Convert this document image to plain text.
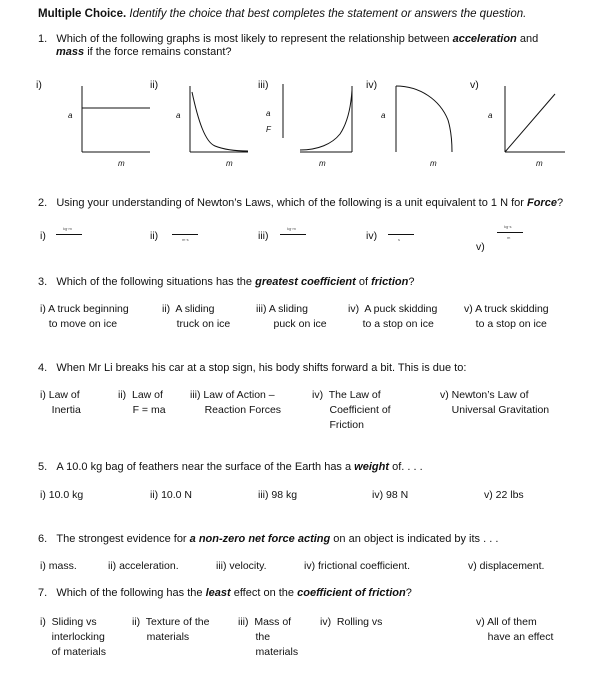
Multiple Choice. Identify the choice that best completes the statement or answers the question.
1. Which of the following graphs is most likely to represent the relationship between acceleration and
mass if the force remains constant?
i)	ii)	iii)	iv)	v)
a
m
a
m
a
F
m
a
m
a
m
2. Using your understanding of Newton’s Laws, which of the following is a unit equivalent to 1 N for Force?
i)
kg·m
ii)	m·s	iii)
kg·m
iv)	s
v)
kg·s
m
3. Which of the following situations has the greatest coefficient of friction?
i) A truck beginning
to move on ice
ii)  A sliding
truck on ice
iii) A sliding
puck on ice
iv)  A puck skidding
to a stop on ice
v) A truck skidding
to a stop on ice
4. When Mr Li breaks his car at a stop sign, his body shifts forward a bit. This is due to:
i) Law of
Inertia
ii)  Law of
F = ma
iii) Law of Action –
Reaction Forces
iv)  The Law of
Coefficient of
Friction
v) Newton’s Law of
Universal Gravitation
5. A 10.0 kg bag of feathers near the surface of the Earth has a weight of. . . .
i) 10.0 kg	ii) 10.0 N	iii) 98 kg	iv) 98 N	v) 22 lbs
6. The strongest evidence for a non-zero net force acting on an object is indicated by its . . .
i) mass.	ii) acceleration.	iii) velocity.	iv) frictional coefficient.	v) displacement.
7. Which of the following has the least effect on the coefficient of friction?
i)  Sliding vs
interlocking
of materials
ii)  Texture of the
materials
iii)  Mass of
the
materials
iv)  Rolling vs	v) All of them
have an effect
